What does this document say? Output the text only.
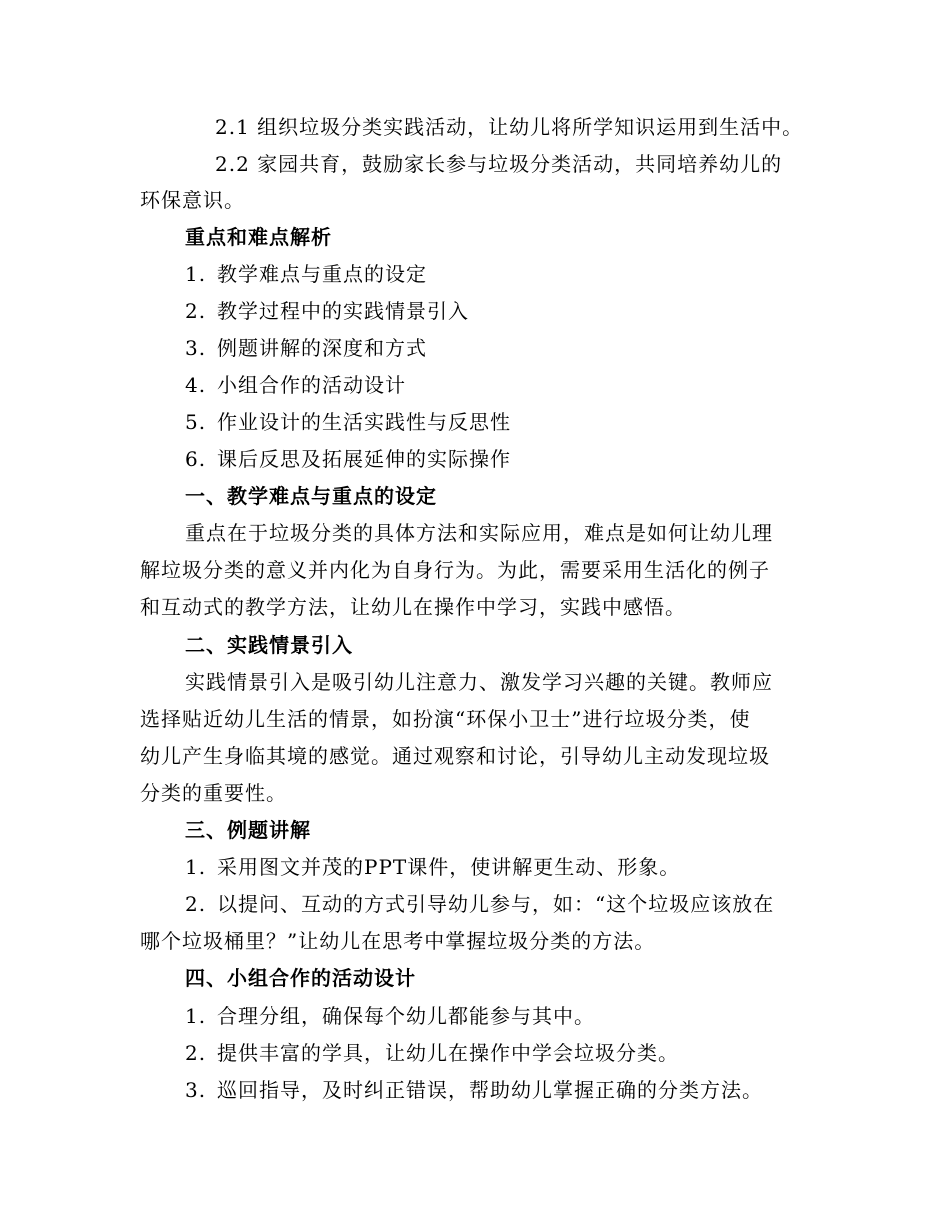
2.1 组织垃圾分类实践活动，让幼儿将所学知识运用到生活中。
2.2 家园共育，鼓励家长参与垃圾分类活动，共同培养幼儿的
环保意识。
重点和难点解析
1. 教学难点与重点的设定
2. 教学过程中的实践情景引入
3. 例题讲解的深度和方式
4. 小组合作的活动设计
5. 作业设计的生活实践性与反思性
6. 课后反思及拓展延伸的实际操作
一、教学难点与重点的设定
重点在于垃圾分类的具体方法和实际应用，难点是如何让幼儿理
解垃圾分类的意义并内化为自身行为。为此，需要采用生活化的例子
和互动式的教学方法，让幼儿在操作中学习，实践中感悟。
二、实践情景引入
实践情景引入是吸引幼儿注意力、激发学习兴趣的关键。教师应
选择贴近幼儿生活的情景，如扮演“环保小卫士”进行垃圾分类，使
幼儿产生身临其境的感觉。通过观察和讨论，引导幼儿主动发现垃圾
分类的重要性。
三、例题讲解
1. 采用图文并茂的PPT课件，使讲解更生动、形象。
2. 以提问、互动的方式引导幼儿参与，如：“这个垃圾应该放在
哪个垃圾桶里？”让幼儿在思考中掌握垃圾分类的方法。
四、小组合作的活动设计
1. 合理分组，确保每个幼儿都能参与其中。
2. 提供丰富的学具，让幼儿在操作中学会垃圾分类。
3. 巡回指导，及时纠正错误，帮助幼儿掌握正确的分类方法。
